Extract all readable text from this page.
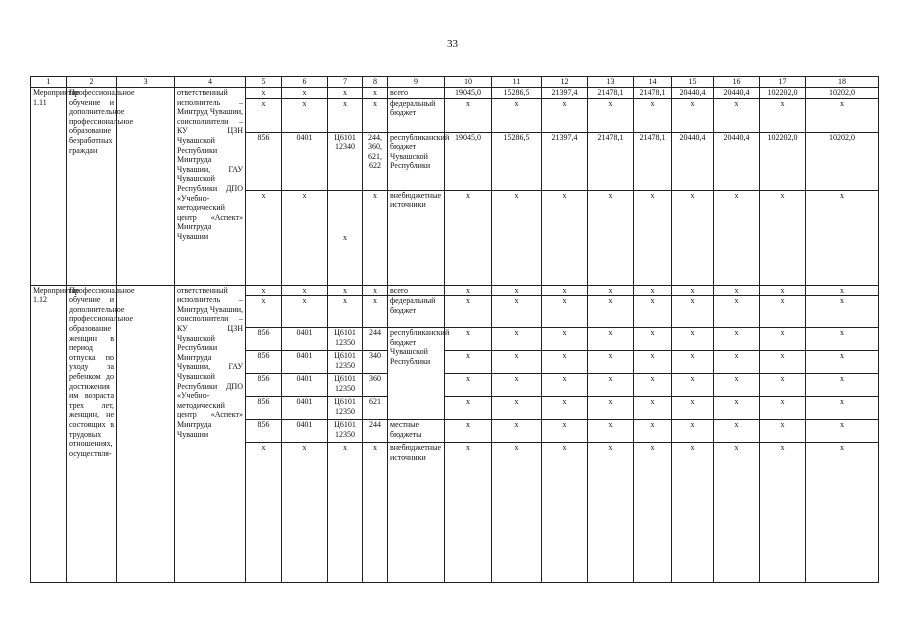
33
1	2	3	4	5	6	7	8	9	10	11	12	13	14	15	16	17	18
Мероприятие 1.11	Профессиональное обучение и дополнительное профессиональное образование безработных граждан		ответственный исполнитель – Минтруд Чувашии, соисполнители – КУ ЦЗН Чувашской Республики Минтруда Чувашии, ГАУ Чувашской Республики ДПО «Учебно-методический центр «Аспект» Минтруда Чувашии	x	x	x	x	всего	19045,0	15286,5	21397,4	21478,1	21478,1	20440,4	20440,4	102202,0	10202,0
				x	x	x	x	федеральный бюджет	x	x	x	x	x	x	x	x	x
				856	0401	Ц6101 12340	244, 360, 621, 622	республиканский бюджет Чувашской Республики	19045,0	15286,5	21397,4	21478,1	21478,1	20440,4	20440,4	102202,0	10202,0
				x	x	x	x	внебюджетные источники	x	x	x	x	x	x	x	x	x
Мероприятие 1.12	Профессиональное обучение и дополнительное профессиональное образование женщин в период отпуска по уходу за ребенком до достижения им возраста трех лет, женщин, не состоящих в трудовых отношениях, осуществля-		ответственный исполнитель – Минтруд Чувашии, соисполнители – КУ ЦЗН Чувашской Республики Минтруда Чувашии, ГАУ Чувашской Республики ДПО «Учебно-методический центр «Аспект» Минтруда Чувашии	x	x	x	x	всего	x	x	x	x	x	x	x	x	x
				x	x	x	x	федеральный бюджет	x	x	x	x	x	x	x	x	x
				856	0401	Ц6101 12350	244	республиканский бюджет Чувашской Республики	x	x	x	x	x	x	x	x	x
				856	0401	Ц6101 12350	340		x	x	x	x	x	x	x	x	x
				856	0401	Ц6101 12350	360		x	x	x	x	x	x	x	x	x
				856	0401	Ц6101 12350	621		x	x	x	x	x	x	x	x	x
				856	0401	Ц6101 12350	244	местные бюджеты	x	x	x	x	x	x	x	x	x
				x	x	x	x	внебюджетные источники	x	x	x	x	x	x	x	x	x
